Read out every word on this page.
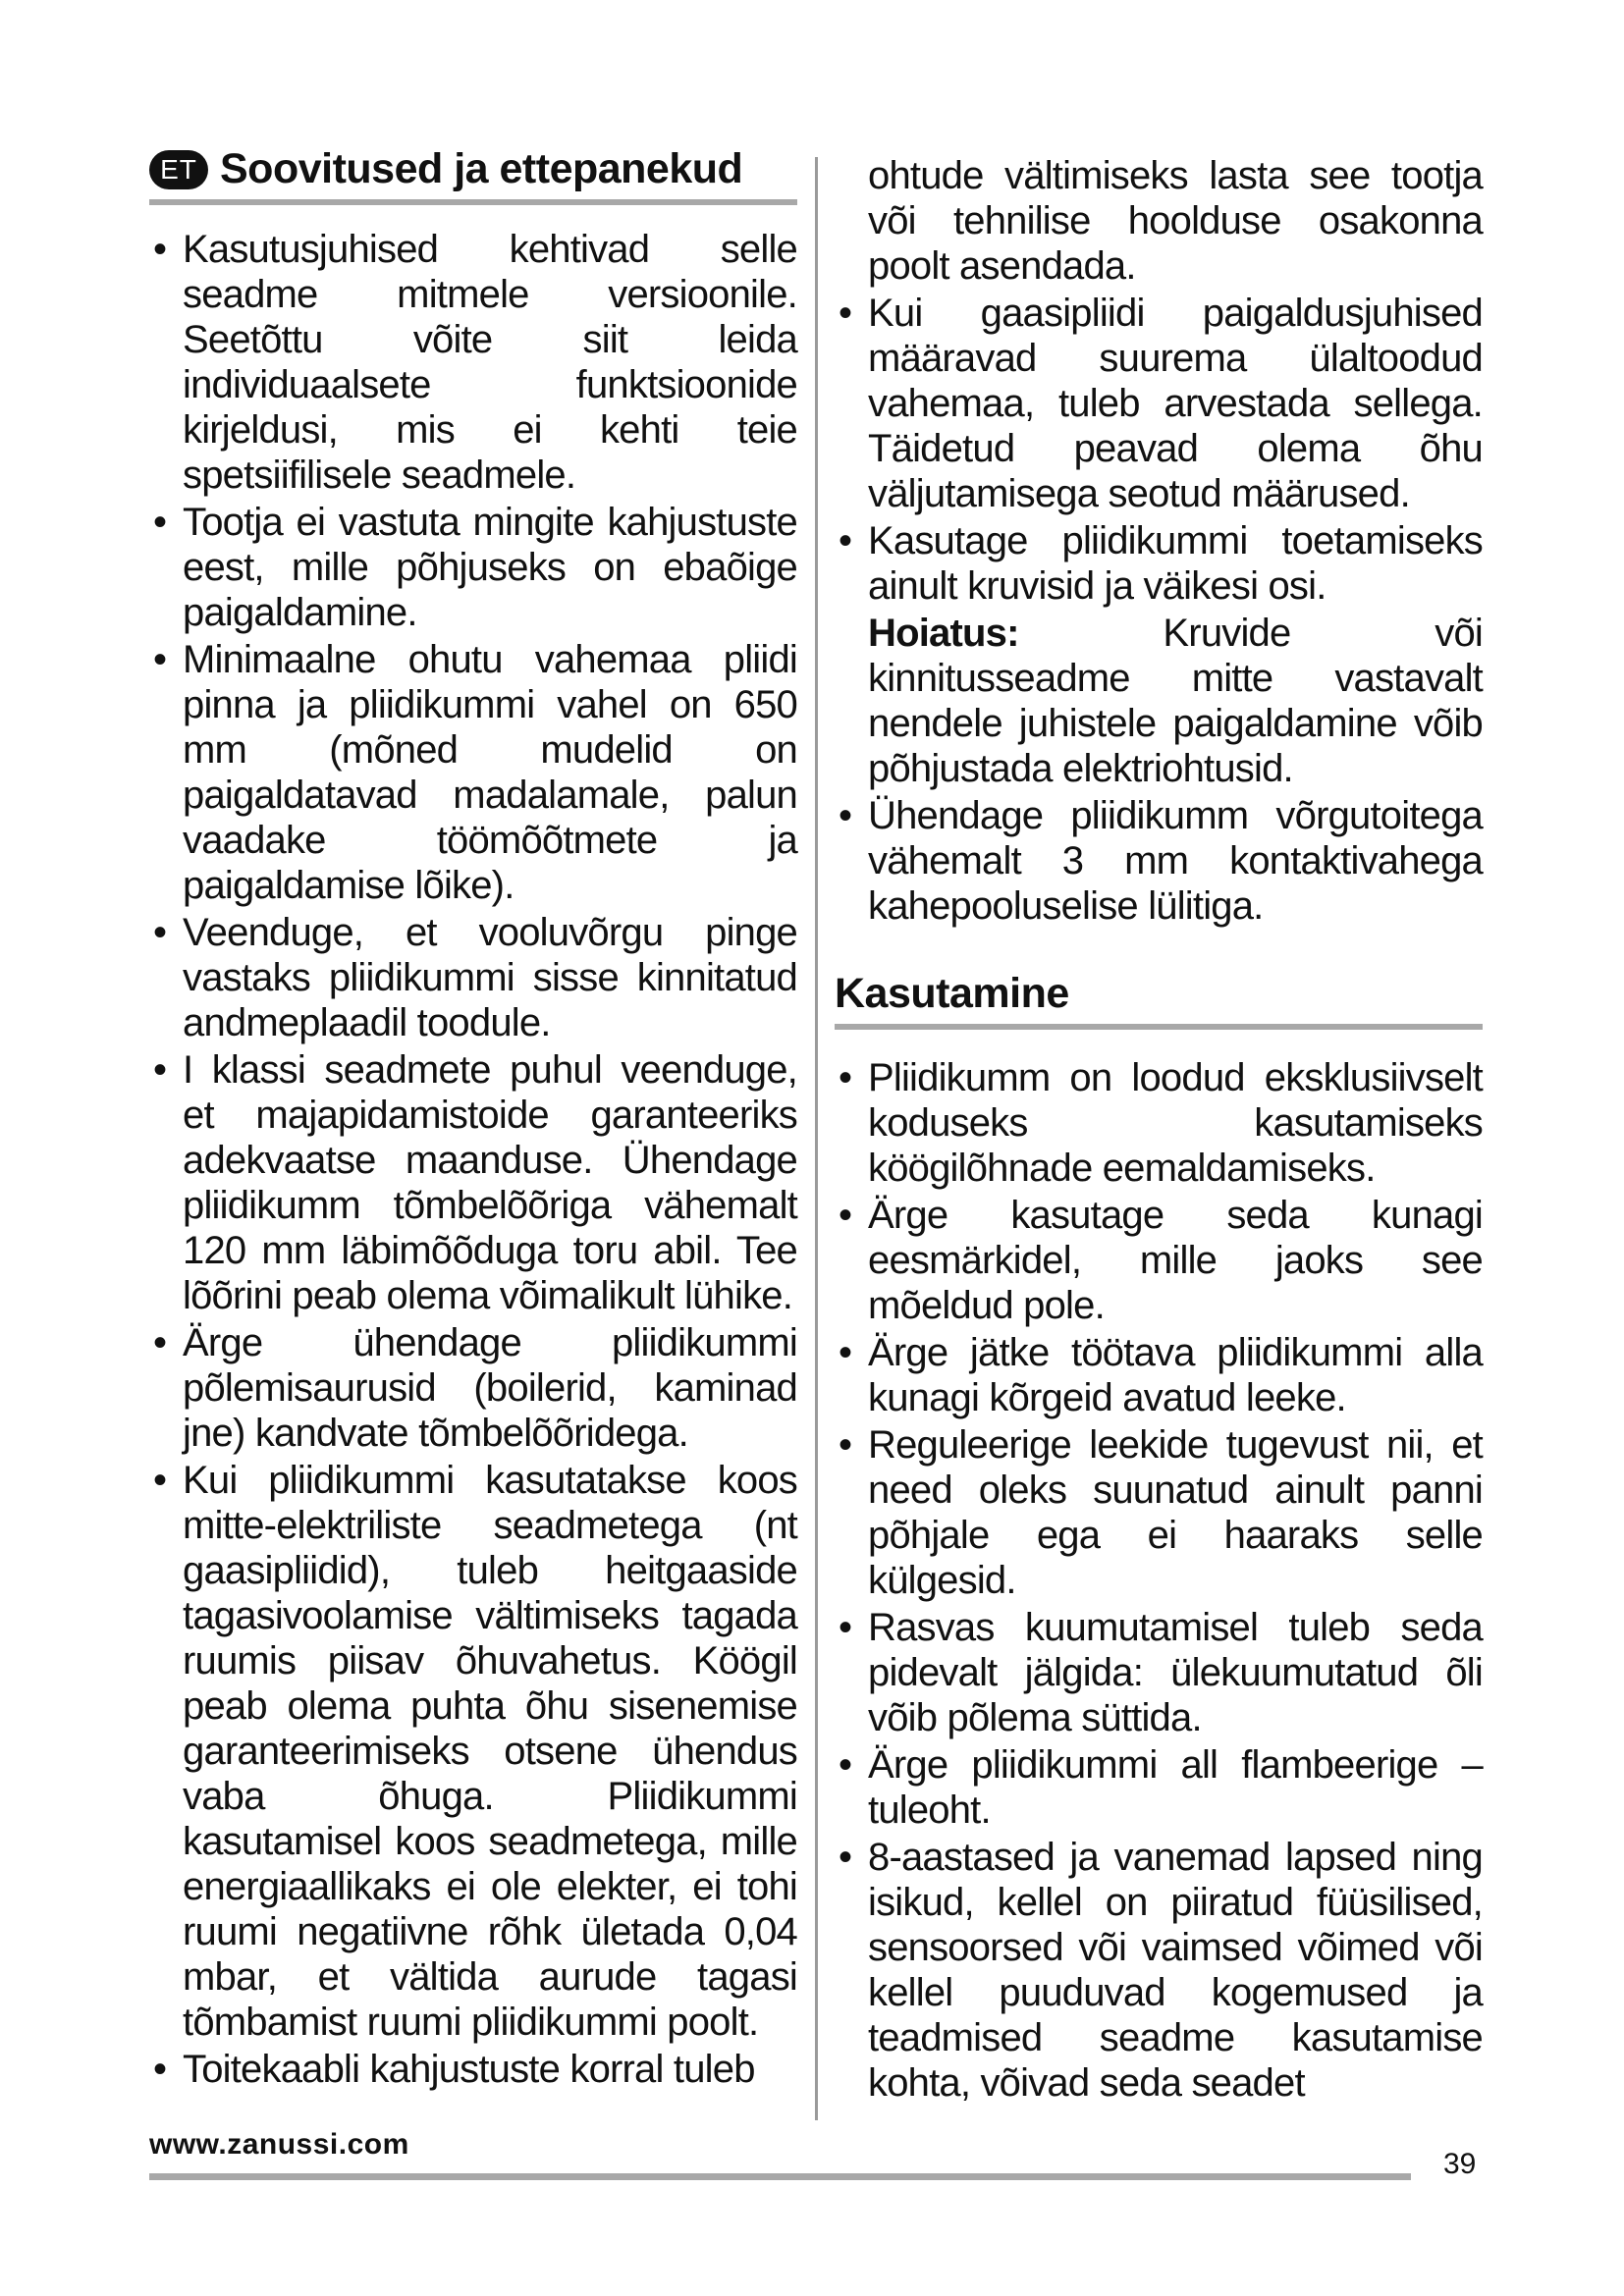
ET Soovitused ja ettepanekud
• Kasutusjuhised kehtivad selle seadme mitmele versioonile. Seetõttu võite siit leida individuaalsete funktsioonide kirjeldusi, mis ei kehti teie spetsiifilisele seadmele.
• Tootja ei vastuta mingite kahjustuste eest, mille põhjuseks on ebaõige paigaldamine.
• Minimaalne ohutu vahemaa pliidi pinna ja pliidikummi vahel on 650 mm (mõned mudelid on paigaldatavad madalamale, palun vaadake töömõõtmete ja paigaldamise lõike).
• Veenduge, et vooluvõrgu pinge vastaks pliidikummi sisse kinnitatud andmeplaadil toodule.
• I klassi seadmete puhul veenduge, et majapidamistoide garanteeriks adekvaatse maanduse. Ühendage pliidikumm tõmbelõõriga vähemalt 120 mm läbimõõduga toru abil. Tee lõõrini peab olema võimalikult lühike.
• Ärge ühendage pliidikummi põlemisaurusid (boilerid, kaminad jne) kandvate tõmbelõõridega.
• Kui pliidikummi kasutatakse koos mitte-elektriliste seadmetega (nt gaasipliidid), tuleb heitgaaside tagasivoolamise vältimiseks tagada ruumis piisav õhuvahetus. Köögil peab olema puhta õhu sisenemise garanteerimiseks otsene ühendus vaba õhuga. Pliidikummi kasutamisel koos seadmetega, mille energiaallikaks ei ole elekter, ei tohi ruumi negatiivne rõhk ületada 0,04 mbar, et vältida aurude tagasi tõmbamist ruumi pliidikummi poolt.
• Toitekaabli kahjustuste korral tuleb
ohtude vältimiseks lasta see tootja või tehnilise hoolduse osakonna poolt asendada.
• Kui gaasipliidi paigaldusjuhised määravad suurema ülaltoodud vahemaa, tuleb arvestada sellega. Täidetud peavad olema õhu väljutamisega seotud määrused.
• Kasutage pliidikummi toetamiseks ainult kruvisid ja väikesi osi.
Hoiatus: Kruvide või kinnitusseadme mitte vastavalt nendele juhistele paigaldamine võib põhjustada elektriohtusid.
• Ühendage pliidikumm võrgutoitega vähemalt 3 mm kontaktivahega kahepooluselise lülitiga.
Kasutamine
• Pliidikumm on loodud eksklusiivselt koduseks kasutamiseks köögilõhnade eemaldamiseks.
• Ärge kasutage seda kunagi eesmärkidel, mille jaoks see mõeldud pole.
• Ärge jätke töötava pliidikummi alla kunagi kõrgeid avatud leeke.
• Reguleerige leekide tugevust nii, et need oleks suunatud ainult panni põhjale ega ei haaraks selle külgesid.
• Rasvas kuumutamisel tuleb seda pidevalt jälgida: ülekuumutatud õli võib põlema süttida.
• Ärge pliidikummi all flambeerige – tuleoht.
• 8-aastased ja vanemad lapsed ning isikud, kellel on piiratud füüsilised, sensoorsed või vaimsed võimed või kellel puuduvad kogemused ja teadmised seadme kasutamise kohta, võivad seda seadet
www.zanussi.com
39
